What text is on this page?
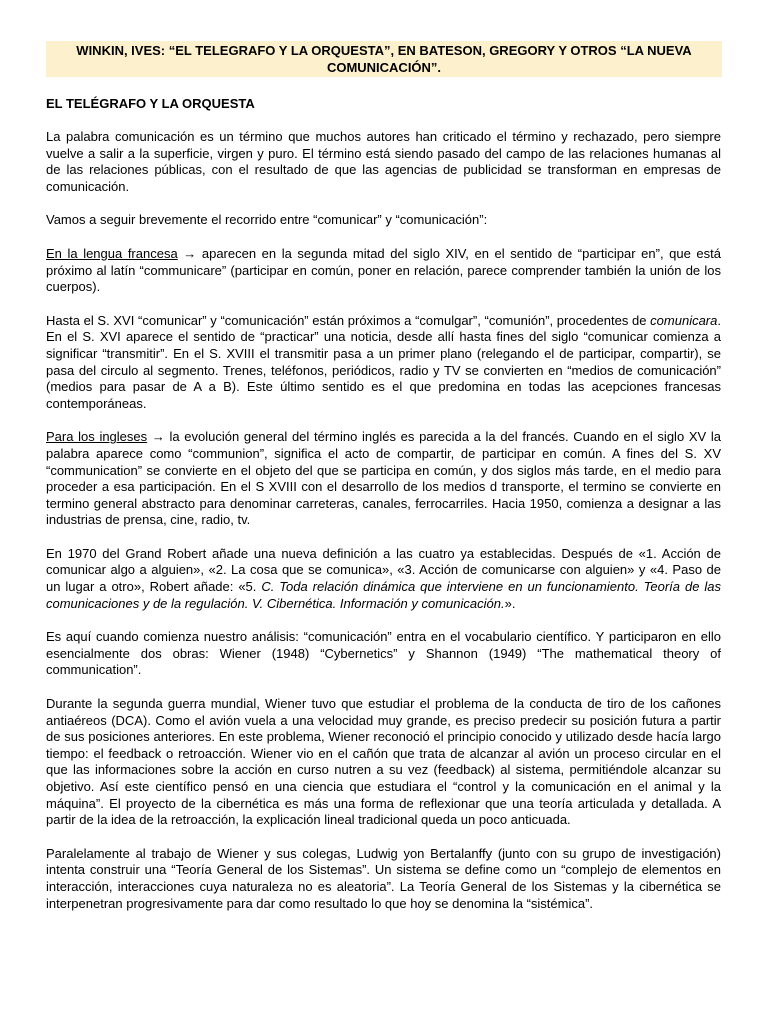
WINKIN, IVES: “EL TELEGRAFO Y LA ORQUESTA”, EN BATESON, GREGORY Y OTROS “LA NUEVA COMUNICACIÓN”.
EL TELÉGRAFO Y LA ORQUESTA

La palabra comunicación es un término que muchos autores han criticado el término y rechazado, pero siempre vuelve a salir a la superficie, virgen y puro. El término está siendo pasado del campo de las relaciones humanas al de las relaciones públicas, con el resultado de que las agencias de publicidad se transforman en empresas de comunicación.

Vamos a seguir brevemente el recorrido entre “comunicar” y “comunicación”:

En la lengua francesa → aparecen en la segunda mitad del siglo XIV, en el sentido de “participar en”, que está próximo al latín “communicare” (participar en común, poner en relación, parece comprender también la unión de los cuerpos).

Hasta el S. XVI “comunicar” y “comunicación” están próximos a “comulgar”, “comunión”, procedentes de comunicara. En el S. XVI aparece el sentido de “practicar” una noticia, desde allí hasta fines del siglo “comunicar comienza a significar “transmitir”. En el S. XVIII el transmitir pasa a un primer plano (relegando el de participar, compartir), se pasa del circulo al segmento. Trenes, teléfonos, periódicos, radio y TV se convierten en “medios de comunicación” (medios para pasar de A a B). Este último sentido es el que predomina en todas las acepciones francesas contemporáneas.

Para los ingleses → la evolución general del término inglés es parecida a la del francés. Cuando en el siglo XV la palabra aparece como “communion”, significa el acto de compartir, de participar en común. A fines del S. XV “communication” se convierte en el objeto del que se participa en común, y dos siglos más tarde, en el medio para proceder a esa participación. En el S XVIII con el desarrollo de los medios d transporte, el termino se convierte en termino general abstracto para denominar carreteras, canales, ferrocarriles. Hacia 1950, comienza a designar a las industrias de prensa, cine, radio, tv.

En 1970 del Grand Robert añade una nueva definición a las cuatro ya establecidas. Después de «1. Acción de comunicar algo a alguien», «2. La cosa que se comunica», «3. Acción de comunicarse con alguien» y «4. Paso de un lugar a otro», Robert añade: «5. C. Toda relación dinámica que interviene en un funcionamiento. Teoría de las comunicaciones y de la regulación. V. Cibernética. Información y comunicación.».

Es aquí cuando comienza nuestro análisis: “comunicación” entra en el vocabulario científico. Y participaron en ello esencialmente dos obras: Wiener (1948) “Cybernetics” y Shannon (1949) “The mathematical theory of communication”.

Durante la segunda guerra mundial, Wiener tuvo que estudiar el problema de la conducta de tiro de los cañones antiaéreos (DCA). Como el avión vuela a una velocidad muy grande, es preciso predecir su posición futura a partir de sus posiciones anteriores. En este problema, Wiener reconoció el principio conocido y utilizado desde hacía largo tiempo: el feedback o retroacción. Wiener vio en el cañón que trata de alcanzar al avión un proceso circular en el que las informaciones sobre la acción en curso nutren a su vez (feedback) al sistema, permitiéndole alcanzar su objetivo. Así este científico pensó en una ciencia que estudiara el “control y la comunicación en el animal y la máquina”. El proyecto de la cibernética es más una forma de reflexionar que una teoría articulada y detallada. A partir de la idea de la retroacción, la explicación lineal tradicional queda un poco anticuada.

Paralelamente al trabajo de Wiener y sus colegas, Ludwig yon Bertalanffy (junto con su grupo de investigación) intenta construir una “Teoría General de los Sistemas”. Un sistema se define como un “complejo de elementos en interacción, interacciones cuya naturaleza no es aleatoria”. La Teoría General de los Sistemas y la cibernética se interpenetran progresivamente para dar como resultado lo que hoy se denomina la “sistémica”.
